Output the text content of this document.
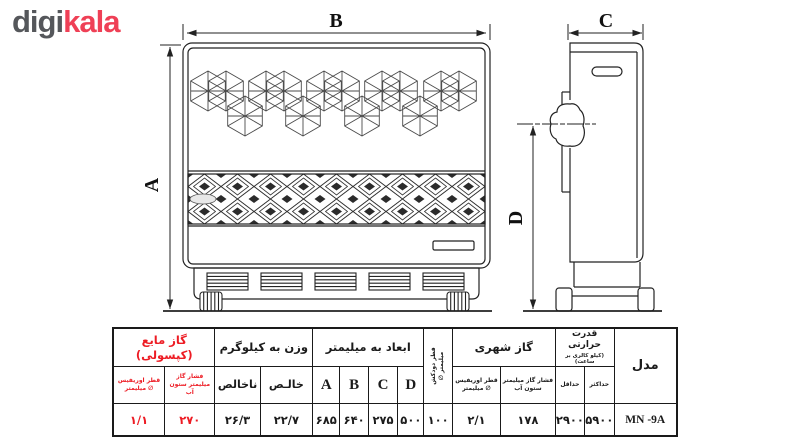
digikala	B
A
C
D
مدل	قدرت حرارتی
(کیلو کالری بر ساعت)		گاز شهری		قطر دودکش میلیمتر ∅	ابعاد به میلیمتر				وزن به کیلوگرم		گاز مایع (کپسولی)	
	حداکثر	حداقل	فشار گاز میلیمتر ستون آب	قطر اوریفیس ∅ میلیمتر		D	C	B	A	خالـص	ناخالص	فشار گاز میلیمتر ستون آب	قطر اوریفیس ∅ میلیمتر
MN -9A	۵۹۰۰	۲۹۰۰	۱۷۸	۲/۱	۱۰۰	۵۰۰	۲۷۵	۶۴۰	۶۸۵	۲۲/۷	۲۶/۳	۲۷۰	۱/۱
